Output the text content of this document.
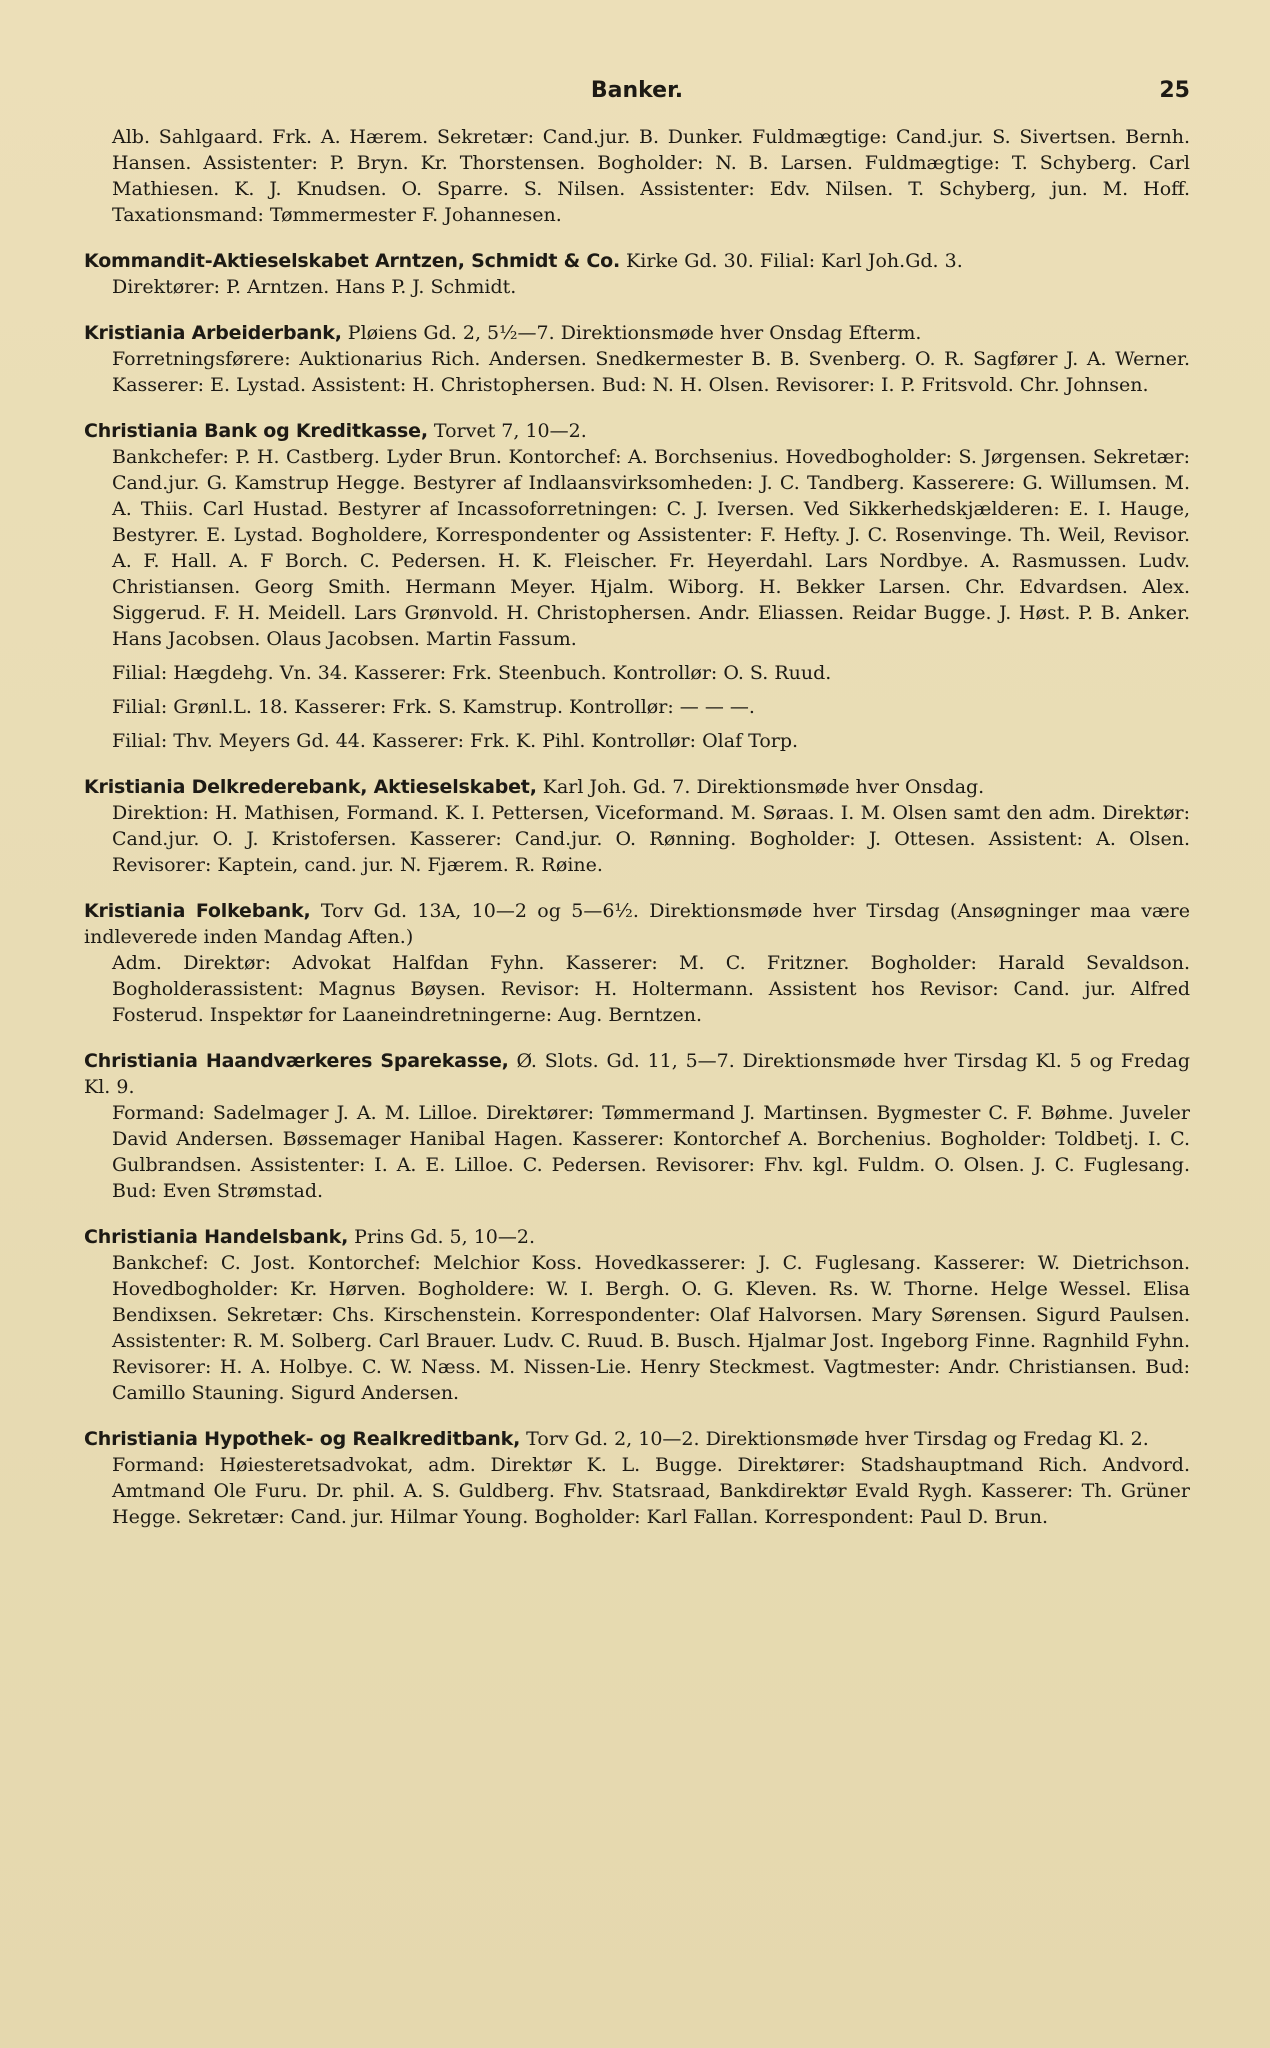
Banker.	25

Alb. Sahlgaard. Frk. A. Hærem. Sekretær: Cand.jur. B. Dunker. Fuldmægtige: Cand.jur. S. Sivertsen. Bernh. Hansen. Assistenter: P. Bryn. Kr. Thorstensen. Bogholder: N. B. Larsen. Fuldmægtige: T. Schyberg. Carl Mathiesen. K. J. Knudsen. O. Sparre. S. Nilsen. Assistenter: Edv. Nilsen. T. Schyberg, jun. M. Hoff. Taxationsmand: Tømmermester F. Johannesen.

Kommandit-Aktieselskabet Arntzen, Schmidt & Co. Kirke Gd. 30. Filial: Karl Joh.Gd. 3.

Direktører: P. Arntzen. Hans P. J. Schmidt.

Kristiania Arbeiderbank, Pløiens Gd. 2, 5½—7. Direktionsmøde hver Onsdag Efterm.

Forretningsførere: Auktionarius Rich. Andersen. Snedkermester B. B. Svenberg. O. R. Sagfører J. A. Werner. Kasserer: E. Lystad. Assistent: H. Christophersen. Bud: N. H. Olsen. Revisorer: I. P. Fritsvold. Chr. Johnsen.

Christiania Bank og Kreditkasse, Torvet 7, 10—2.

Bankchefer: P. H. Castberg. Lyder Brun. Kontorchef: A. Borchsenius. Hovedbogholder: S. Jørgensen. Sekretær: Cand.jur. G. Kamstrup Hegge. Bestyrer af Indlaansvirksomheden: J. C. Tandberg. Kasserere: G. Willumsen. M. A. Thiis. Carl Hustad. Bestyrer af Incassoforretningen: C. J. Iversen. Ved Sikkerhedskjælderen: E. I. Hauge, Bestyrer. E. Lystad. Bogholdere, Korrespondenter og Assistenter: F. Hefty. J. C. Rosenvinge. Th. Weil, Revisor. A. F. Hall. A. F Borch. C. Pedersen. H. K. Fleischer. Fr. Heyerdahl. Lars Nordbye. A. Rasmussen. Ludv. Christiansen. Georg Smith. Hermann Meyer. Hjalm. Wiborg. H. Bekker Larsen. Chr. Edvardsen. Alex. Siggerud. F. H. Meidell. Lars Grønvold. H. Christophersen. Andr. Eliassen. Reidar Bugge. J. Høst. P. B. Anker. Hans Jacobsen. Olaus Jacobsen. Martin Fassum.

Filial: Hægdehg. Vn. 34. Kasserer: Frk. Steenbuch. Kontrollør: O. S. Ruud.

Filial: Grønl.L. 18. Kasserer: Frk. S. Kamstrup. Kontrollør: — — —.

Filial: Thv. Meyers Gd. 44. Kasserer: Frk. K. Pihl. Kontrollør: Olaf Torp.

Kristiania Delkrederebank, Aktieselskabet, Karl Joh. Gd. 7. Direktionsmøde hver Onsdag.

Direktion: H. Mathisen, Formand. K. I. Pettersen, Viceformand. M. Søraas. I. M. Olsen samt den adm. Direktør: Cand.jur. O. J. Kristofersen. Kasserer: Cand.jur. O. Rønning. Bogholder: J. Ottesen. Assistent: A. Olsen. Revisorer: Kaptein, cand. jur. N. Fjærem. R. Røine.

Kristiania Folkebank, Torv Gd. 13A, 10—2 og 5—6½. Direktionsmøde hver Tirsdag (Ansøgninger maa være indleverede inden Mandag Aften.)

Adm. Direktør: Advokat Halfdan Fyhn. Kasserer: M. C. Fritzner. Bogholder: Harald Sevaldson. Bogholderassistent: Magnus Bøysen. Revisor: H. Holtermann. Assistent hos Revisor: Cand. jur. Alfred Fosterud. Inspektør for Laaneindretningerne: Aug. Berntzen.

Christiania Haandværkeres Sparekasse, Ø. Slots. Gd. 11, 5—7. Direktionsmøde hver Tirsdag Kl. 5 og Fredag Kl. 9.

Formand: Sadelmager J. A. M. Lilloe. Direktører: Tømmermand J. Martinsen. Bygmester C. F. Bøhme. Juveler David Andersen. Bøssemager Hanibal Hagen. Kasserer: Kontorchef A. Borchenius. Bogholder: Toldbetj. I. C. Gulbrandsen. Assistenter: I. A. E. Lilloe. C. Pedersen. Revisorer: Fhv. kgl. Fuldm. O. Olsen. J. C. Fuglesang. Bud: Even Strømstad.

Christiania Handelsbank, Prins Gd. 5, 10—2.

Bankchef: C. Jost. Kontorchef: Melchior Koss. Hovedkasserer: J. C. Fuglesang. Kasserer: W. Dietrichson. Hovedbogholder: Kr. Hørven. Bogholdere: W. I. Bergh. O. G. Kleven. Rs. W. Thorne. Helge Wessel. Elisa Bendixsen. Sekretær: Chs. Kirschenstein. Korrespondenter: Olaf Halvorsen. Mary Sørensen. Sigurd Paulsen. Assistenter: R. M. Solberg. Carl Brauer. Ludv. C. Ruud. B. Busch. Hjalmar Jost. Ingeborg Finne. Ragnhild Fyhn. Revisorer: H. A. Holbye. C. W. Næss. M. Nissen-Lie. Henry Steckmest. Vagtmester: Andr. Christiansen. Bud: Camillo Stauning. Sigurd Andersen.

Christiania Hypothek- og Realkreditbank, Torv Gd. 2, 10—2. Direktionsmøde hver Tirsdag og Fredag Kl. 2.

Formand: Høiesteretsadvokat, adm. Direktør K. L. Bugge. Direktører: Stadshauptmand Rich. Andvord. Amtmand Ole Furu. Dr. phil. A. S. Guldberg. Fhv. Statsraad, Bankdirektør Evald Rygh. Kasserer: Th. Grüner Hegge. Sekretær: Cand. jur. Hilmar Young. Bogholder: Karl Fallan. Korrespondent: Paul D. Brun.
